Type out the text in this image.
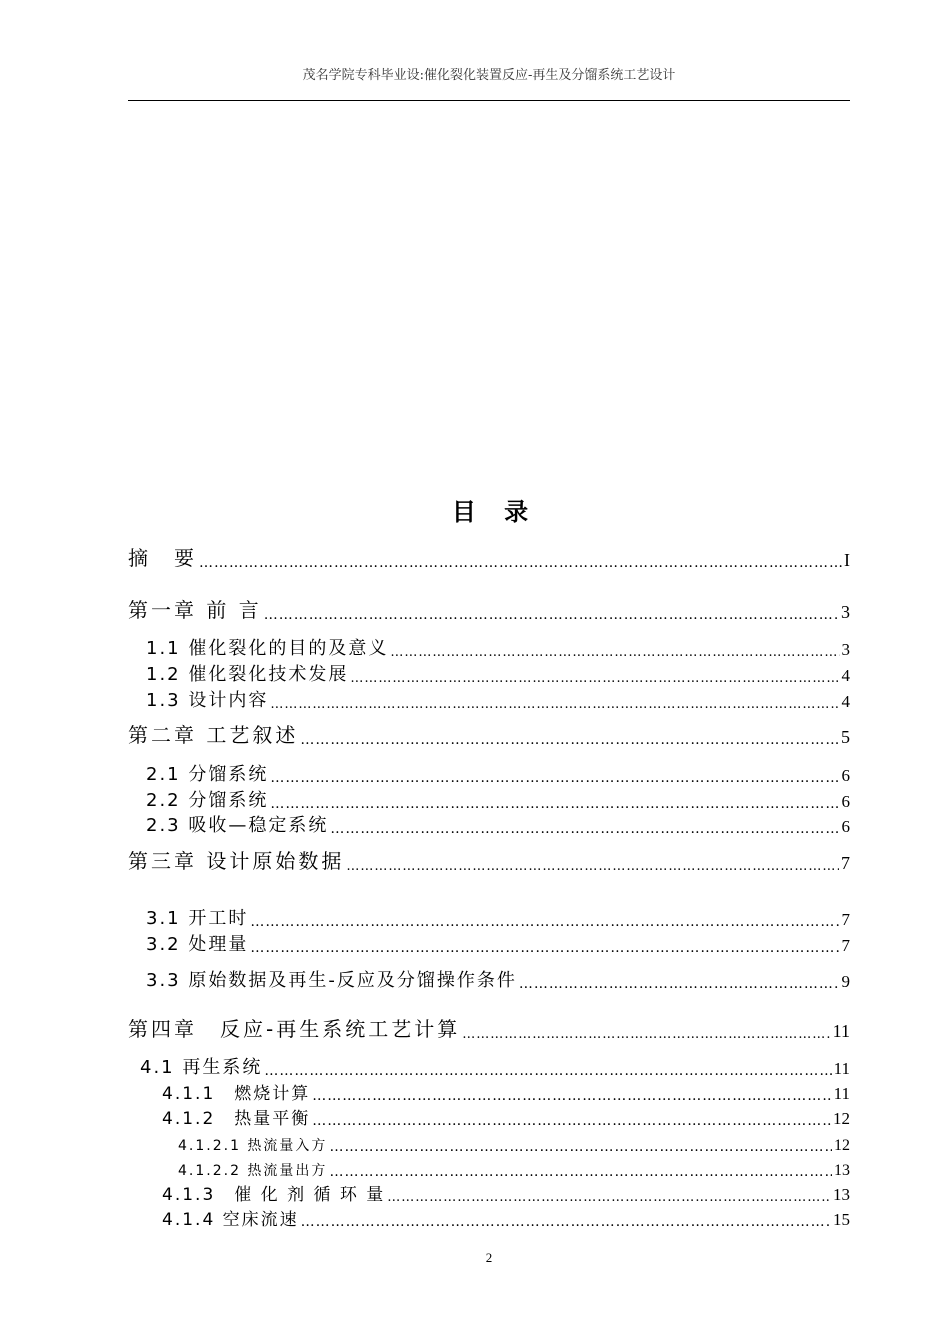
茂名学院专科毕业设:催化裂化装置反应-再生及分馏系统工艺设计
目 录
摘　要 …………………………………………………………………………………………………………………………………………………………………………………	I
第一章 前 言 …………………………………………………………………………………………………………………………………………………………………………………	3
1.1 催化裂化的目的及意义 ………………………………………………………………………………………………………………………………………………………………………………………	3
1.2 催化裂化技术发展 ………………………………………………………………………………………………………………………………………………………………………………………	4
1.3 设计内容 ………………………………………………………………………………………………………………………………………………………………………………………	4
第二章 工艺叙述 …………………………………………………………………………………………………………………………………………………………………………………	5
2.1 分馏系统 …………………………………………………………………………………………………………………………………………………………………………………	6
2.2 分馏系统 …………………………………………………………………………………………………………………………………………………………………………………	6
2.3 吸收—稳定系统 …………………………………………………………………………………………………………………………………………………………………………………	6
第三章 设计原始数据 ………………………………………………………………………………………………………………………………………………………………………………………	7
3.1 开工时 …………………………………………………………………………………………………………………………………………………………………………………	7
3.2 处理量 …………………………………………………………………………………………………………………………………………………………………………………	7
3.3 原始数据及再生-反应及分馏操作条件 …………………………………………………………………………………………………………………………………………………………………………………	9
第四章　反应-再生系统工艺计算 ………………………………………………………………………………………………………………………………………………………………………………………	11
4.1 再生系统 …………………………………………………………………………………………………………………………………………………………………………………	11
4.1.1　燃烧计算 …………………………………………………………………………………………………………………………………………………………………………………	11
4.1.2　热量平衡 …………………………………………………………………………………………………………………………………………………………………………………	12
4.1.2.1 热流量入方 …………………………………………………………………………………………………………………………………………………………………………………	12
4.1.2.2 热流量出方 …………………………………………………………………………………………………………………………………………………………………………………	13
4.1.3　催 化 剂 循 环 量 ………………………………………………………………………………………………………………………………………………………………………………………	13
4.1.4 空床流速 …………………………………………………………………………………………………………………………………………………………………………………	15
2
